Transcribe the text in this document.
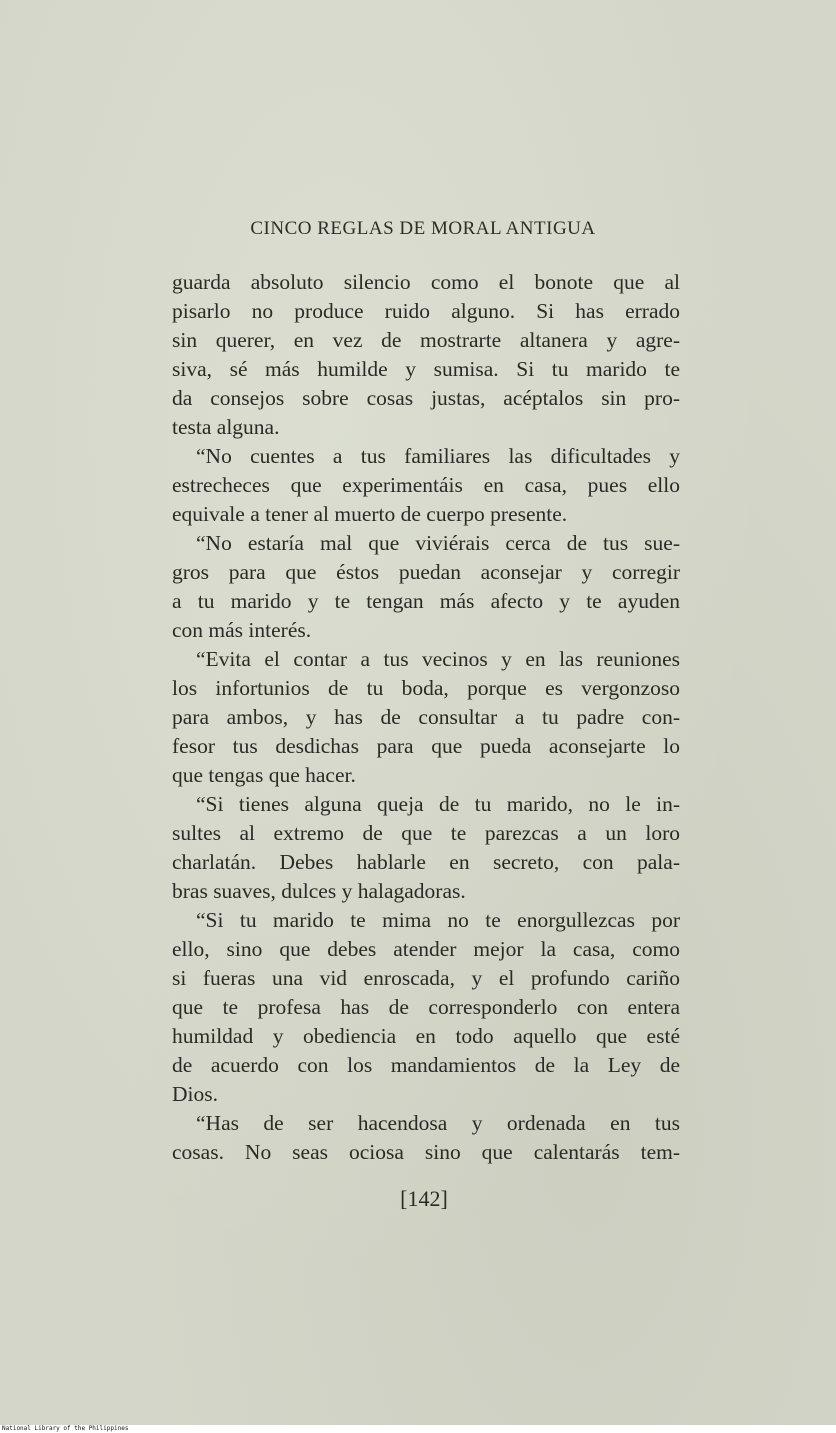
CINCO REGLAS DE MORAL ANTIGUA

guarda absoluto silencio como el bonote que al
pisarlo no produce ruido alguno. Si has errado
sin querer, en vez de mostrarte altanera y agre-
siva, sé más humilde y sumisa. Si tu marido te
da consejos sobre cosas justas, acéptalos sin pro-
testa alguna.

“No cuentes a tus familiares las dificultades y
estrecheces que experimentáis en casa, pues ello
equivale a tener al muerto de cuerpo presente.

“No estaría mal que viviérais cerca de tus sue-
gros para que éstos puedan aconsejar y corregir
a tu marido y te tengan más afecto y te ayuden
con más interés.

“Evita el contar a tus vecinos y en las reuniones
los infortunios de tu boda, porque es vergonzoso
para ambos, y has de consultar a tu padre con-
fesor tus desdichas para que pueda aconsejarte lo
que tengas que hacer.

“Si tienes alguna queja de tu marido, no le in-
sultes al extremo de que te parezcas a un loro
charlatán. Debes hablarle en secreto, con pala-
bras suaves, dulces y halagadoras.

“Si tu marido te mima no te enorgullezcas por
ello, sino que debes atender mejor la casa, como
si fueras una vid enroscada, y el profundo cariño
que te profesa has de corresponderlo con entera
humildad y obediencia en todo aquello que esté
de acuerdo con los mandamientos de la Ley de
Dios.

“Has de ser hacendosa y ordenada en tus
cosas. No seas ociosa sino que calentarás tem-

[142]
National Library of the Philippines
